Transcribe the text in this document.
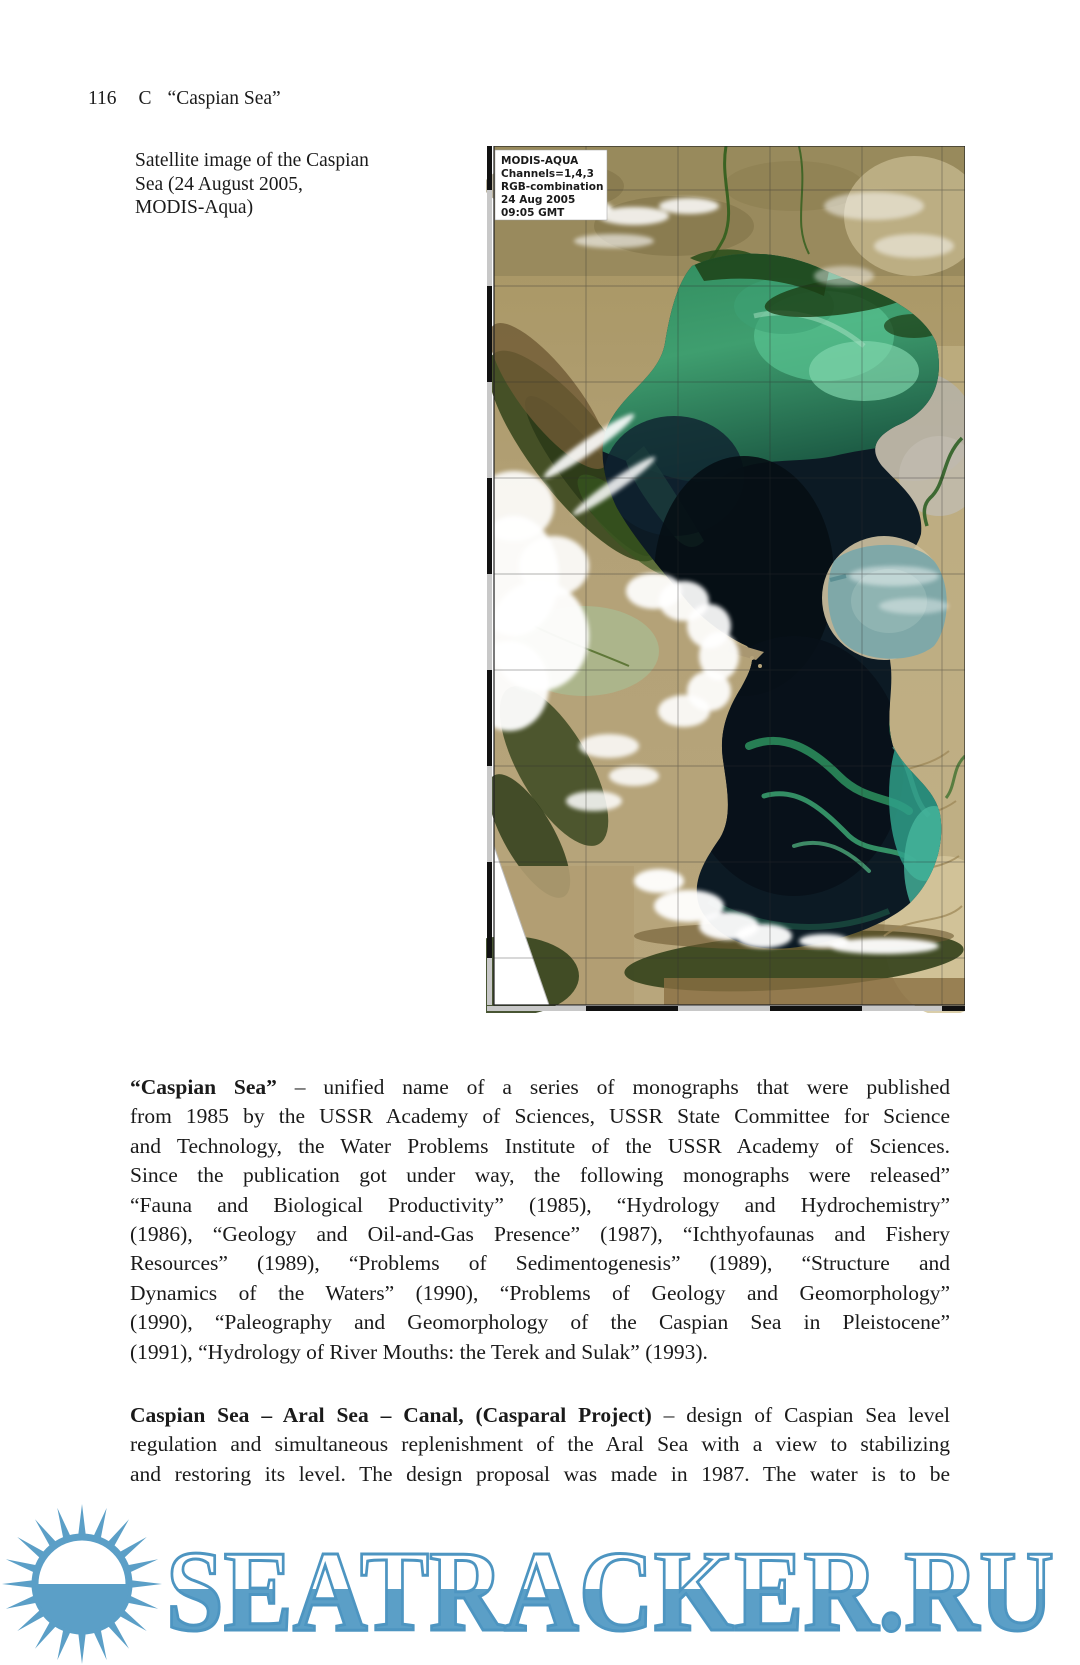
116 C “Caspian Sea”
Satellite image of the Caspian
Sea (24 August 2005,
MODIS-Aqua)
MODIS-AQUA
Channels=1,4,3
RGB-combination
24 Aug 2005
09:05 GMT
“Caspian Sea” – unified name of a series of monographs that were published
from 1985 by the USSR Academy of Sciences, USSR State Committee for Science
and Technology, the Water Problems Institute of the USSR Academy of Sciences.
Since the publication got under way, the following monographs were released”
“Fauna and Biological Productivity” (1985), “Hydrology and Hydrochemistry”
(1986), “Geology and Oil-and-Gas Presence” (1987), “Ichthyofaunas and Fishery
Resources” (1989), “Problems of Sedimentogenesis” (1989), “Structure and
Dynamics of the Waters” (1990), “Problems of Geology and Geomorphology”
(1990), “Paleography and Geomorphology of the Caspian Sea in Pleistocene”
(1991), “Hydrology of River Mouths: the Terek and Sulak” (1993).
Caspian Sea – Aral Sea – Canal, (Casparal Project) – design of Caspian Sea level
regulation and simultaneous replenishment of the Aral Sea with a view to stabilizing
and restoring its level. The design proposal was made in 1987. The water is to be
SEATRACKER.RU
